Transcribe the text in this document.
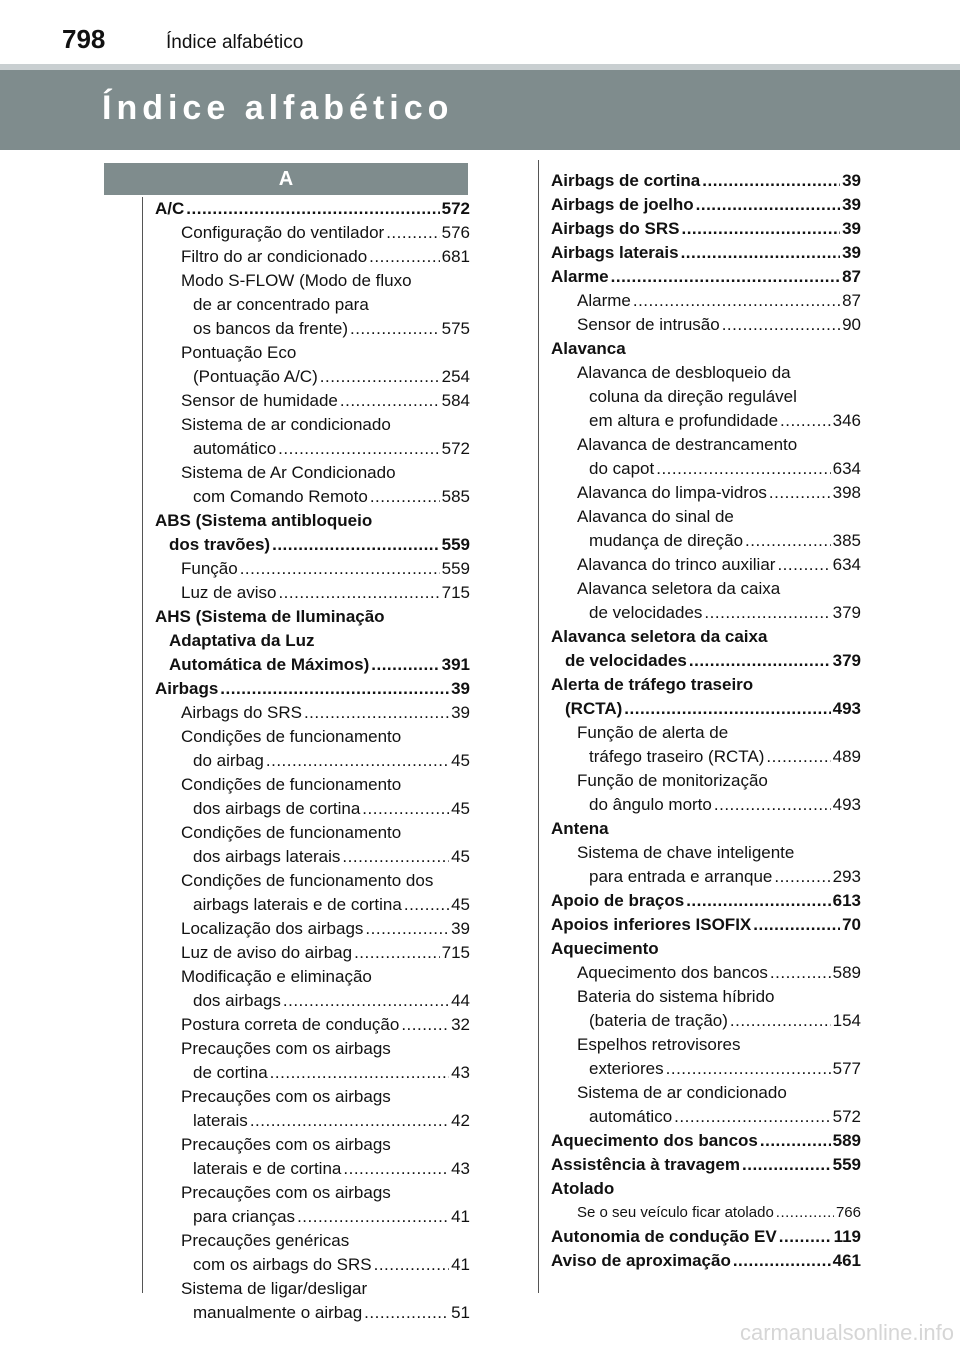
798	Índice alfabético
Índice alfabético
A
A/C .....	572
Configuração do ventilador .....	576
Filtro do ar condicionado .....	681
Modo S-FLOW (Modo de fluxo
de ar concentrado para
os bancos da frente) .....	575
Pontuação Eco
(Pontuação A/C) .....	254
Sensor de humidade .....	584
Sistema de ar condicionado
automático .....	572
Sistema de Ar Condicionado
com Comando Remoto .....	585
ABS (Sistema antibloqueio
dos travões) .....	559
Função .....	559
Luz de aviso .....	715
AHS (Sistema de Iluminação
Adaptativa da Luz
Automática de Máximos) .....	391
Airbags .....	39
Airbags do SRS .....	39
Condições de funcionamento
do airbag .....	45
Condições de funcionamento
dos airbags de cortina .....	45
Condições de funcionamento
dos airbags laterais .....	45
Condições de funcionamento dos
airbags laterais e de cortina .....	45
Localização dos airbags .....	39
Luz de aviso do airbag .....	715
Modificação e eliminação
dos airbags .....	44
Postura correta de condução .....	32
Precauções com os airbags
de cortina .....	43
Precauções com os airbags
laterais .....	42
Precauções com os airbags
laterais e de cortina .....	43
Precauções com os airbags
para crianças .....	41
Precauções genéricas
com os airbags do SRS .....	41
Sistema de ligar/desligar
manualmente o airbag .....	51
Airbags de cortina .....	39
Airbags de joelho .....	39
Airbags do SRS .....	39
Airbags laterais .....	39
Alarme .....	87
Alarme .....	87
Sensor de intrusão .....	90
Alavanca
Alavanca de desbloqueio da
coluna da direção regulável
em altura e profundidade .....	346
Alavanca de destrancamento
do capot .....	634
Alavanca do limpa-vidros .....	398
Alavanca do sinal de
mudança de direção .....	385
Alavanca do trinco auxiliar .....	634
Alavanca seletora da caixa
de velocidades .....	379
Alavanca seletora da caixa
de velocidades .....	379
Alerta de tráfego traseiro
(RCTA) .....	493
Função de alerta de
tráfego traseiro (RCTA) .....	489
Função de monitorização
do ângulo morto .....	493
Antena
Sistema de chave inteligente
para entrada e arranque .....	293
Apoio de braços .....	613
Apoios inferiores ISOFIX .....	70
Aquecimento
Aquecimento dos bancos .....	589
Bateria do sistema híbrido
(bateria de tração) .....	154
Espelhos retrovisores
exteriores .....	577
Sistema de ar condicionado
automático .....	572
Aquecimento dos bancos .....	589
Assistência à travagem .....	559
Atolado
Se o seu veículo ficar atolado .....	766
Autonomia de condução EV .....	119
Aviso de aproximação .....	461
carmanualsonline.info
